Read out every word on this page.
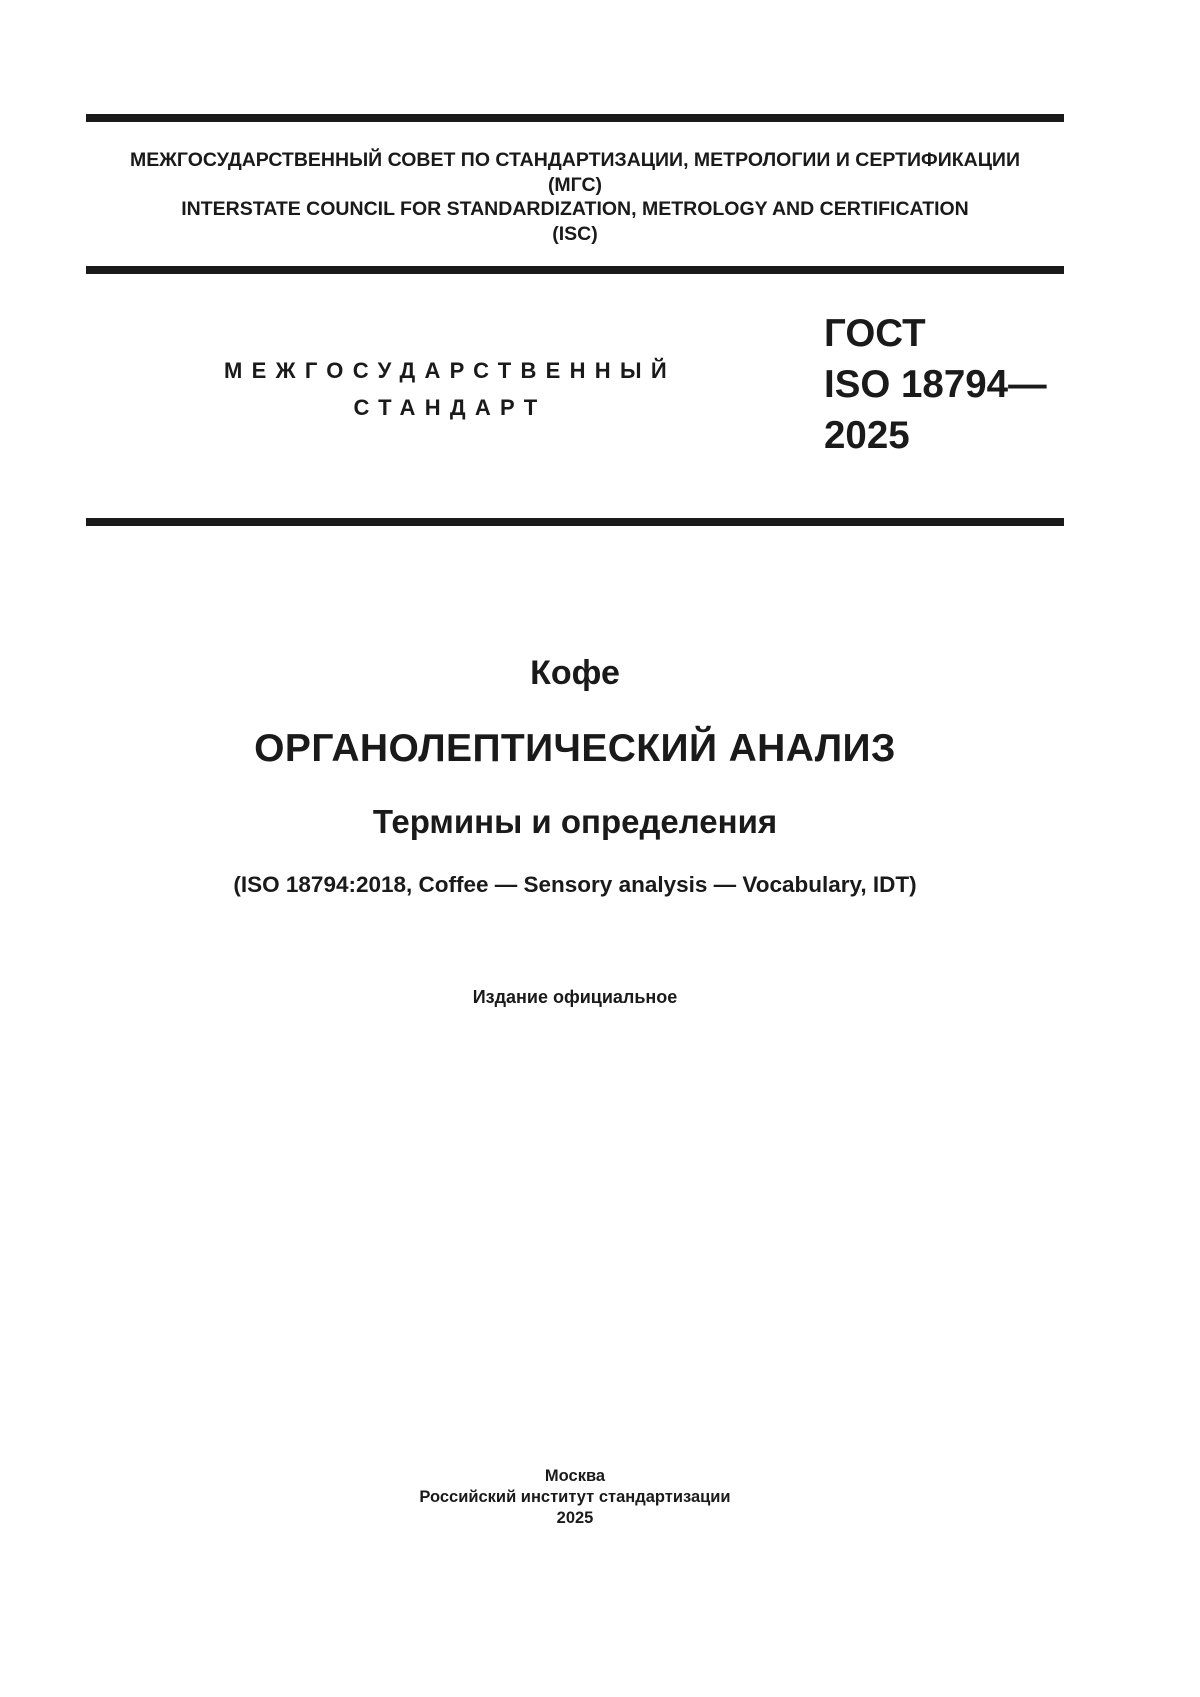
МЕЖГОСУДАРСТВЕННЫЙ СОВЕТ ПО СТАНДАРТИЗАЦИИ, МЕТРОЛОГИИ И СЕРТИФИКАЦИИ
(МГС)
INTERSTATE COUNCIL FOR STANDARDIZATION, METROLOGY AND CERTIFICATION
(ISC)
МЕЖГОСУДАРСТВЕННЫЙ
СТАНДАРТ
ГОСТ
ISO 18794—
2025
Кофе
ОРГАНОЛЕПТИЧЕСКИЙ АНАЛИЗ
Термины и определения
(ISO 18794:2018, Coffee — Sensory analysis — Vocabulary, IDT)
Издание официальное
Москва
Российский институт стандартизации
2025
